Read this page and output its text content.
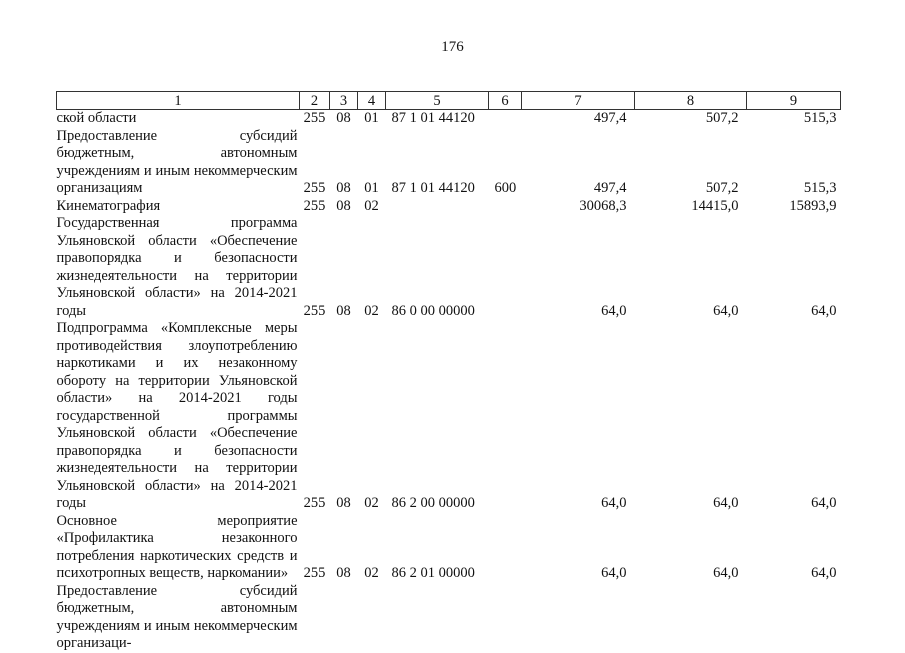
176
1	2	3	4	5	6	7	8	9
ской области	255	08	01	87 1 01 44120		497,4	507,2	515,3
Предоставление субсидий бюджетным, автономным учреждениям и иным некоммерческим организациям	255	08	01	87 1 01 44120	600	497,4	507,2	515,3
Кинематография	255	08	02			30068,3	14415,0	15893,9
Государственная программа Ульяновской области «Обеспечение правопорядка и безопасности жизнедеятельности на территории Ульяновской области» на 2014-2021 годы	255	08	02	86 0 00 00000		64,0	64,0	64,0
Подпрограмма «Комплексные меры противодействия злоупотреблению наркотиками и их незаконному обороту на территории Ульяновской области» на 2014-2021 годы государственной программы Ульяновской области «Обеспечение правопорядка и безопасности жизнедеятельности на территории Ульяновской области» на 2014-2021 годы	255	08	02	86 2 00 00000		64,0	64,0	64,0
Основное мероприятие «Профилактика незаконного потребления наркотических средств и психотропных веществ, наркомании»	255	08	02	86 2 01 00000		64,0	64,0	64,0
Предоставление субсидий бюджетным, автономным учреждениям и иным некоммерческим организаци-								
